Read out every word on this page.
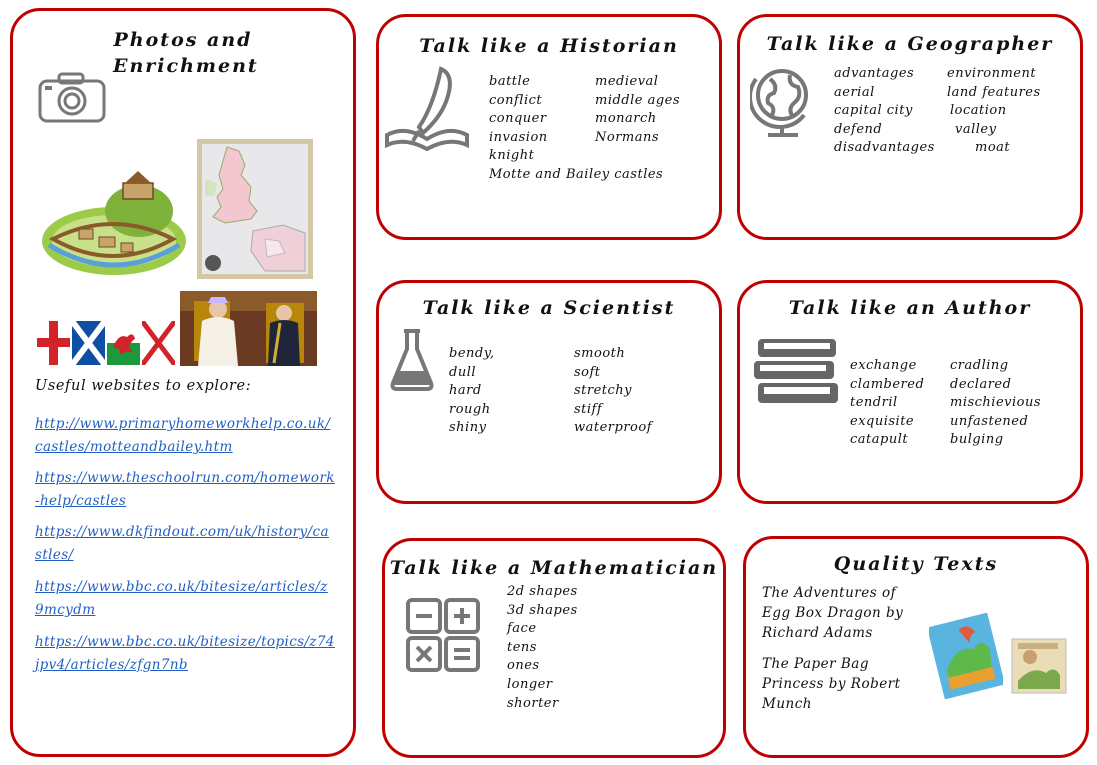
Photos and Enrichment
Useful websites to explore:
http://www.primaryhomeworkhelp.co.uk/castles/motteandbailey.htm
https://www.theschoolrun.com/homework-help/castles
https://www.dkfindout.com/uk/history/castles/
https://www.bbc.co.uk/bitesize/articles/z9mcydm
https://www.bbc.co.uk/bitesize/topics/z74jpv4/articles/zfgn7nb
Talk like a Historian
battle
conflict
conquer
invasion
knight
Motte and Bailey castles
medieval
middle ages
monarch
Normans
Talk like a Geographer
advantages
aerial
capital city
defend
disadvantages
environment
land features
location
valley
moat
Talk like a Scientist
bendy,
dull
hard
rough
shiny
smooth
soft
stretchy
stiff
waterproof
Talk like an Author
exchange
clambered
tendril
exquisite
catapult
cradling
declared
mischievious
unfastened
bulging
Talk like a Mathematician
2d shapes
3d shapes
face
tens
ones
longer
shorter
Quality Texts
The Adventures of Egg Box Dragon by Richard Adams
The Paper Bag Princess by Robert Munch
